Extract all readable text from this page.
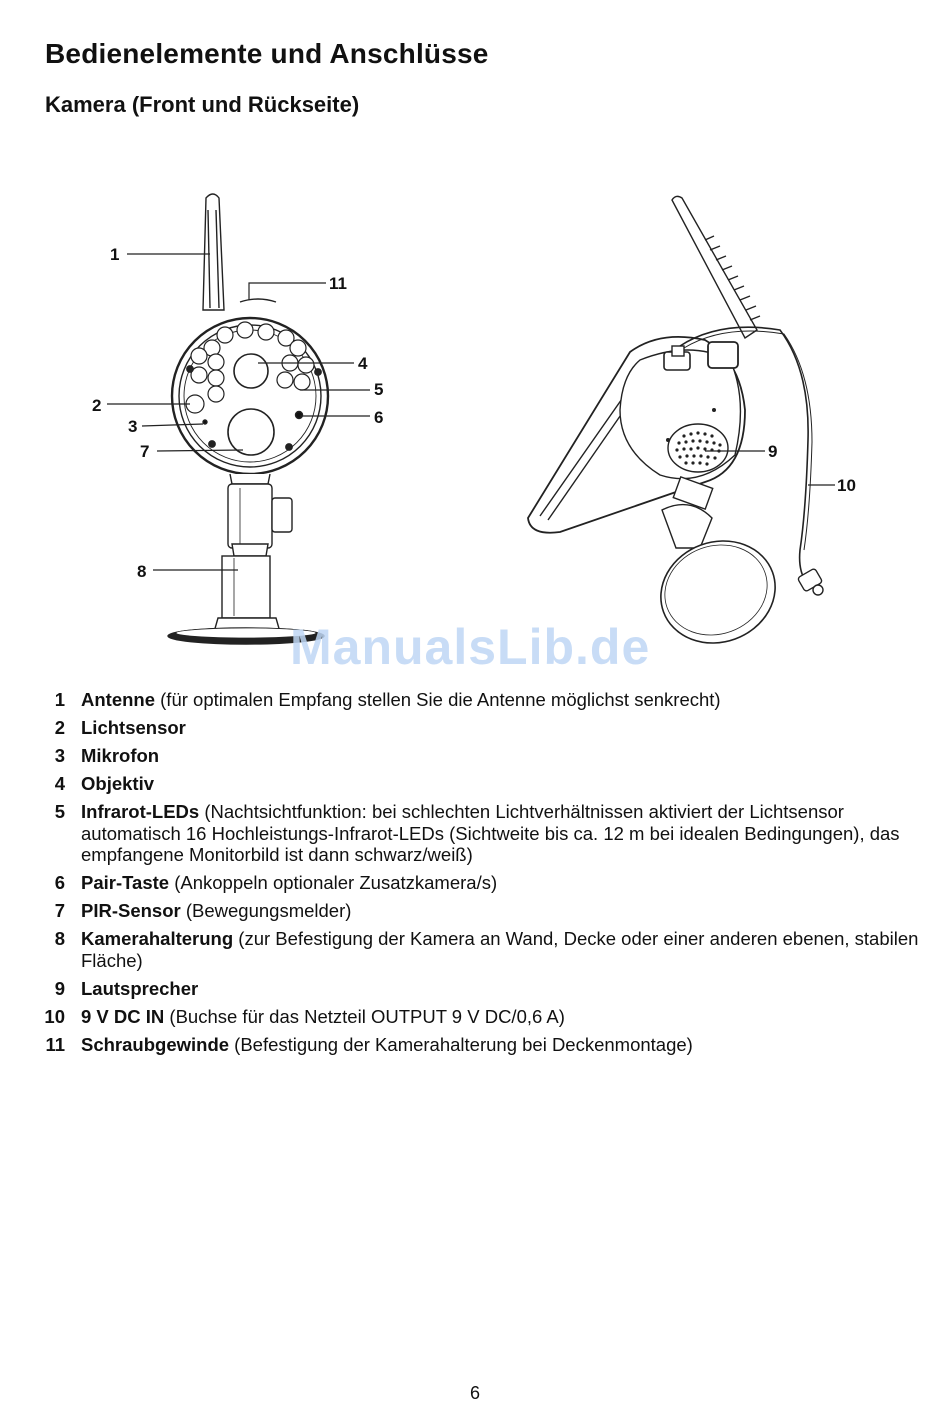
Bedienelemente und Anschlüsse
Kamera (Front und Rückseite)
1
11
4
5
6
2
3
7
8
9
10
ManualsLib.de
1 Antenne (für optimalen Empfang stellen Sie die Antenne möglichst senkrecht)
2 Lichtsensor
3 Mikrofon
4 Objektiv
5 Infrarot-LEDs (Nachtsichtfunktion: bei schlechten Lichtverhältnissen aktiviert der Lichtsensor automatisch 16 Hochleistungs-Infrarot-LEDs (Sichtweite bis ca. 12 m bei idealen Bedingungen), das empfangene Monitorbild ist dann schwarz/weiß)
6 Pair-Taste (Ankoppeln optionaler Zusatzkamera/s)
7 PIR-Sensor (Bewegungsmelder)
8 Kamerahalterung (zur Befestigung der Kamera an Wand, Decke oder einer anderen ebenen, stabilen Fläche)
9 Lautsprecher
10 9 V DC IN (Buchse für das Netzteil OUTPUT 9 V DC/0,6 A)
11 Schraubgewinde (Befestigung der Kamerahalterung bei Deckenmontage)
6
